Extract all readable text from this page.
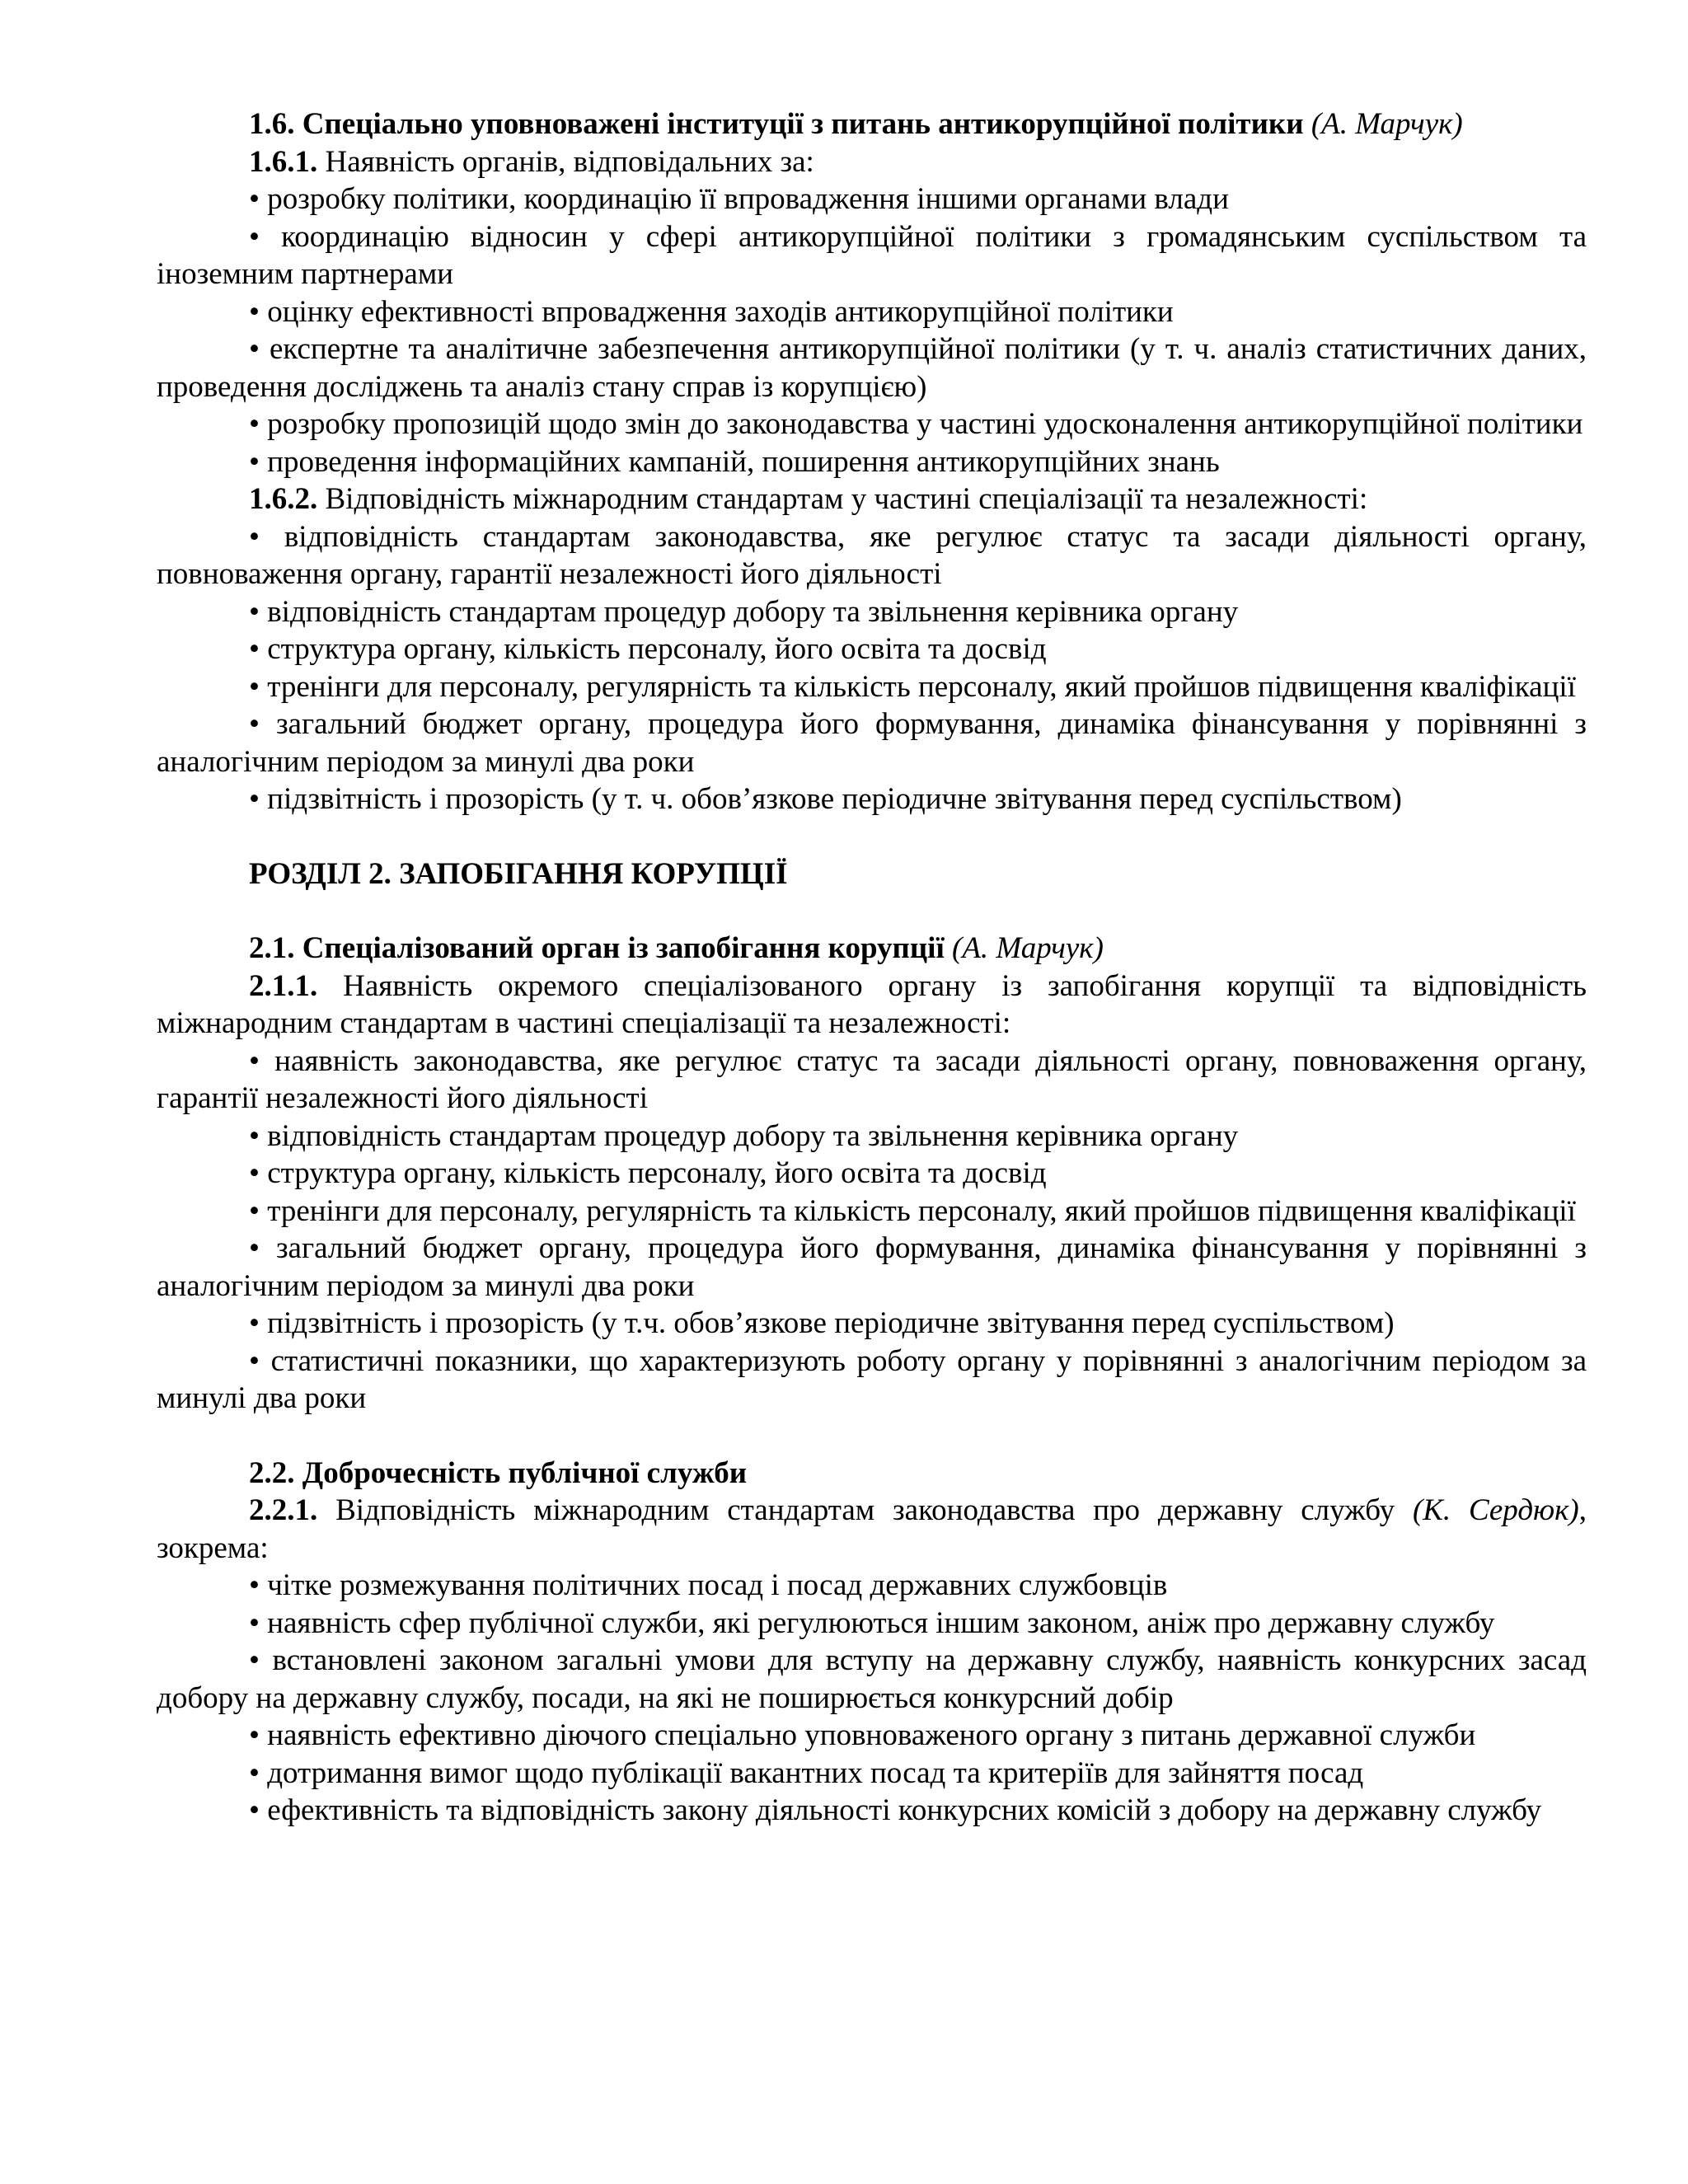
1.6. Спеціально уповноважені інституції з питань антикорупційної політики (А. Марчук)

1.6.1. Наявність органів, відповідальних за:

• розробку політики, координацію її впровадження іншими органами влади

• координацію відносин у сфері антикорупційної політики з громадянським суспільством та іноземним партнерами

• оцінку ефективності впровадження заходів антикорупційної політики

• експертне та аналітичне забезпечення антикорупційної політики (у т. ч. аналіз статистичних даних, проведення досліджень та аналіз стану справ із корупцією)

• розробку пропозицій щодо змін до законодавства у частині удосконалення антикорупційної політики

• проведення інформаційних кампаній, поширення антикорупційних знань

1.6.2. Відповідність міжнародним стандартам у частині спеціалізації та незалежності:

• відповідність стандартам законодавства, яке регулює статус та засади діяльності органу, повноваження органу, гарантії незалежності його діяльності

• відповідність стандартам процедур добору та звільнення керівника органу

• структура органу, кількість персоналу, його освіта та досвід

• тренінги для персоналу, регулярність та кількість персоналу, який пройшов підвищення кваліфікації

• загальний бюджет органу, процедура його формування, динаміка фінансування у порівнянні з аналогічним періодом за минулі два роки

• підзвітність і прозорість (у т. ч. обов’язкове періодичне звітування перед суспільством)

РОЗДІЛ 2. ЗАПОБІГАННЯ КОРУПЦІЇ

2.1. Спеціалізований орган із запобігання корупції (А. Марчук)

2.1.1. Наявність окремого спеціалізованого органу із запобігання корупції та відповідність міжнародним стандартам в частині спеціалізації та незалежності:

• наявність законодавства, яке регулює статус та засади діяльності органу, повноваження органу, гарантії незалежності його діяльності

• відповідність стандартам процедур добору та звільнення керівника органу

• структура органу, кількість персоналу, його освіта та досвід

• тренінги для персоналу, регулярність та кількість персоналу, який пройшов підвищення кваліфікації

• загальний бюджет органу, процедура його формування, динаміка фінансування у порівнянні з аналогічним періодом за минулі два роки

• підзвітність і прозорість (у т.ч. обов’язкове періодичне звітування перед суспільством)

• статистичні показники, що характеризують роботу органу у порівнянні з аналогічним періодом за минулі два роки

2.2. Доброчесність публічної служби

2.2.1. Відповідність міжнародним стандартам законодавства про державну службу (К. Сердюк), зокрема:

• чітке розмежування політичних посад і посад державних службовців

• наявність сфер публічної служби, які регулюються іншим законом, аніж про державну службу

• встановлені законом загальні умови для вступу на державну службу, наявність конкурсних засад добору на державну службу, посади, на які не поширюється конкурсний добір

• наявність ефективно діючого спеціально уповноваженого органу з питань державної служби

• дотримання вимог щодо публікації вакантних посад та критеріїв для зайняття посад

• ефективність та відповідність закону діяльності конкурсних комісій з добору на державну службу
